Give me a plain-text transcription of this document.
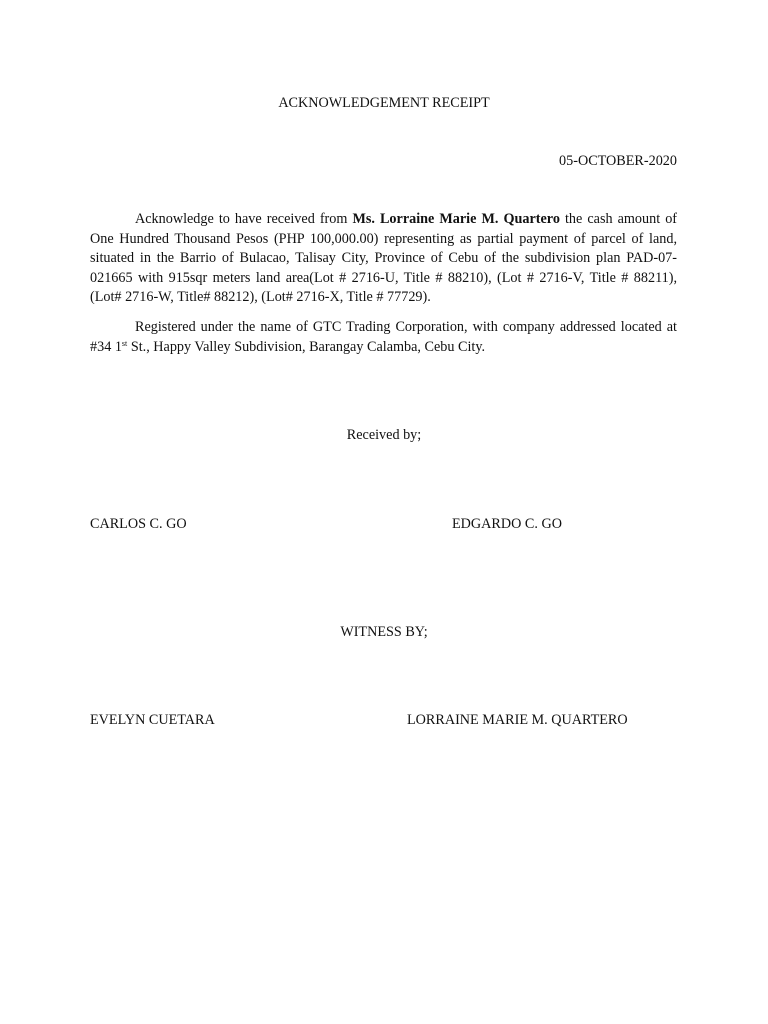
ACKNOWLEDGEMENT RECEIPT
05-OCTOBER-2020
Acknowledge to have received from Ms. Lorraine Marie M. Quartero the cash amount of One Hundred Thousand Pesos (PHP 100,000.00) representing as partial payment of parcel of land, situated in the Barrio of Bulacao, Talisay City, Province of Cebu of the subdivision plan PAD-07-021665 with 915sqr meters land area(Lot # 2716-U, Title # 88210), (Lot # 2716-V, Title # 88211), (Lot# 2716-W, Title# 88212), (Lot# 2716-X, Title # 77729).
Registered under the name of GTC Trading Corporation, with company addressed located at #34 1st St., Happy Valley Subdivision, Barangay Calamba, Cebu City.
Received by;
CARLOS C. GO	EDGARDO C. GO
WITNESS BY;
EVELYN CUETARA	LORRAINE MARIE M. QUARTERO
